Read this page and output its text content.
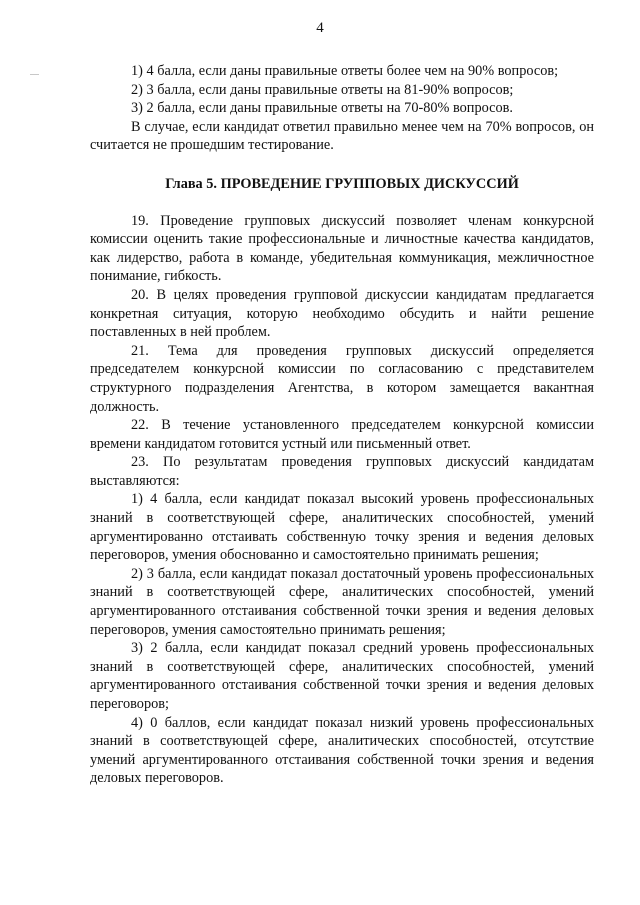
4

1) 4 балла, если даны правильные ответы более чем на 90% вопросов;

2) 3 балла, если даны правильные ответы на 81-90% вопросов;

3) 2 балла, если даны правильные ответы на 70-80% вопросов.

В случае, если кандидат ответил правильно менее чем на 70% вопросов, он считается не прошедшим тестирование.

Глава 5. ПРОВЕДЕНИЕ ГРУППОВЫХ ДИСКУССИЙ

19. Проведение групповых дискуссий позволяет членам конкурсной комиссии оценить такие профессиональные и личностные качества кандидатов, как лидерство, работа в команде, убедительная коммуникация, межличностное понимание, гибкость.

20. В целях проведения групповой дискуссии кандидатам предлагается конкретная ситуация, которую необходимо обсудить и найти решение поставленных в ней проблем.

21. Тема для проведения групповых дискуссий определяется председателем конкурсной комиссии по согласованию с представителем структурного подразделения Агентства, в котором замещается вакантная должность.

22. В течение установленного председателем конкурсной комиссии времени кандидатом готовится устный или письменный ответ.

23. По результатам проведения групповых дискуссий кандидатам выставляются:

1) 4 балла, если кандидат показал высокий уровень профессиональных знаний в соответствующей сфере, аналитических способностей, умений аргументированно отстаивать собственную точку зрения и ведения деловых переговоров, умения обоснованно и самостоятельно принимать решения;

2) 3 балла, если кандидат показал достаточный уровень профессиональных знаний в соответствующей сфере, аналитических способностей, умений аргументированного отстаивания собственной точки зрения и ведения деловых переговоров, умения самостоятельно принимать решения;

3) 2 балла, если кандидат показал средний уровень профессиональных знаний в соответствующей сфере, аналитических способностей, умений аргументированного отстаивания собственной точки зрения и ведения деловых переговоров;

4) 0 баллов, если кандидат показал низкий уровень профессиональных знаний в соответствующей сфере, аналитических способностей, отсутствие умений аргументированного отстаивания собственной точки зрения и ведения деловых переговоров.
